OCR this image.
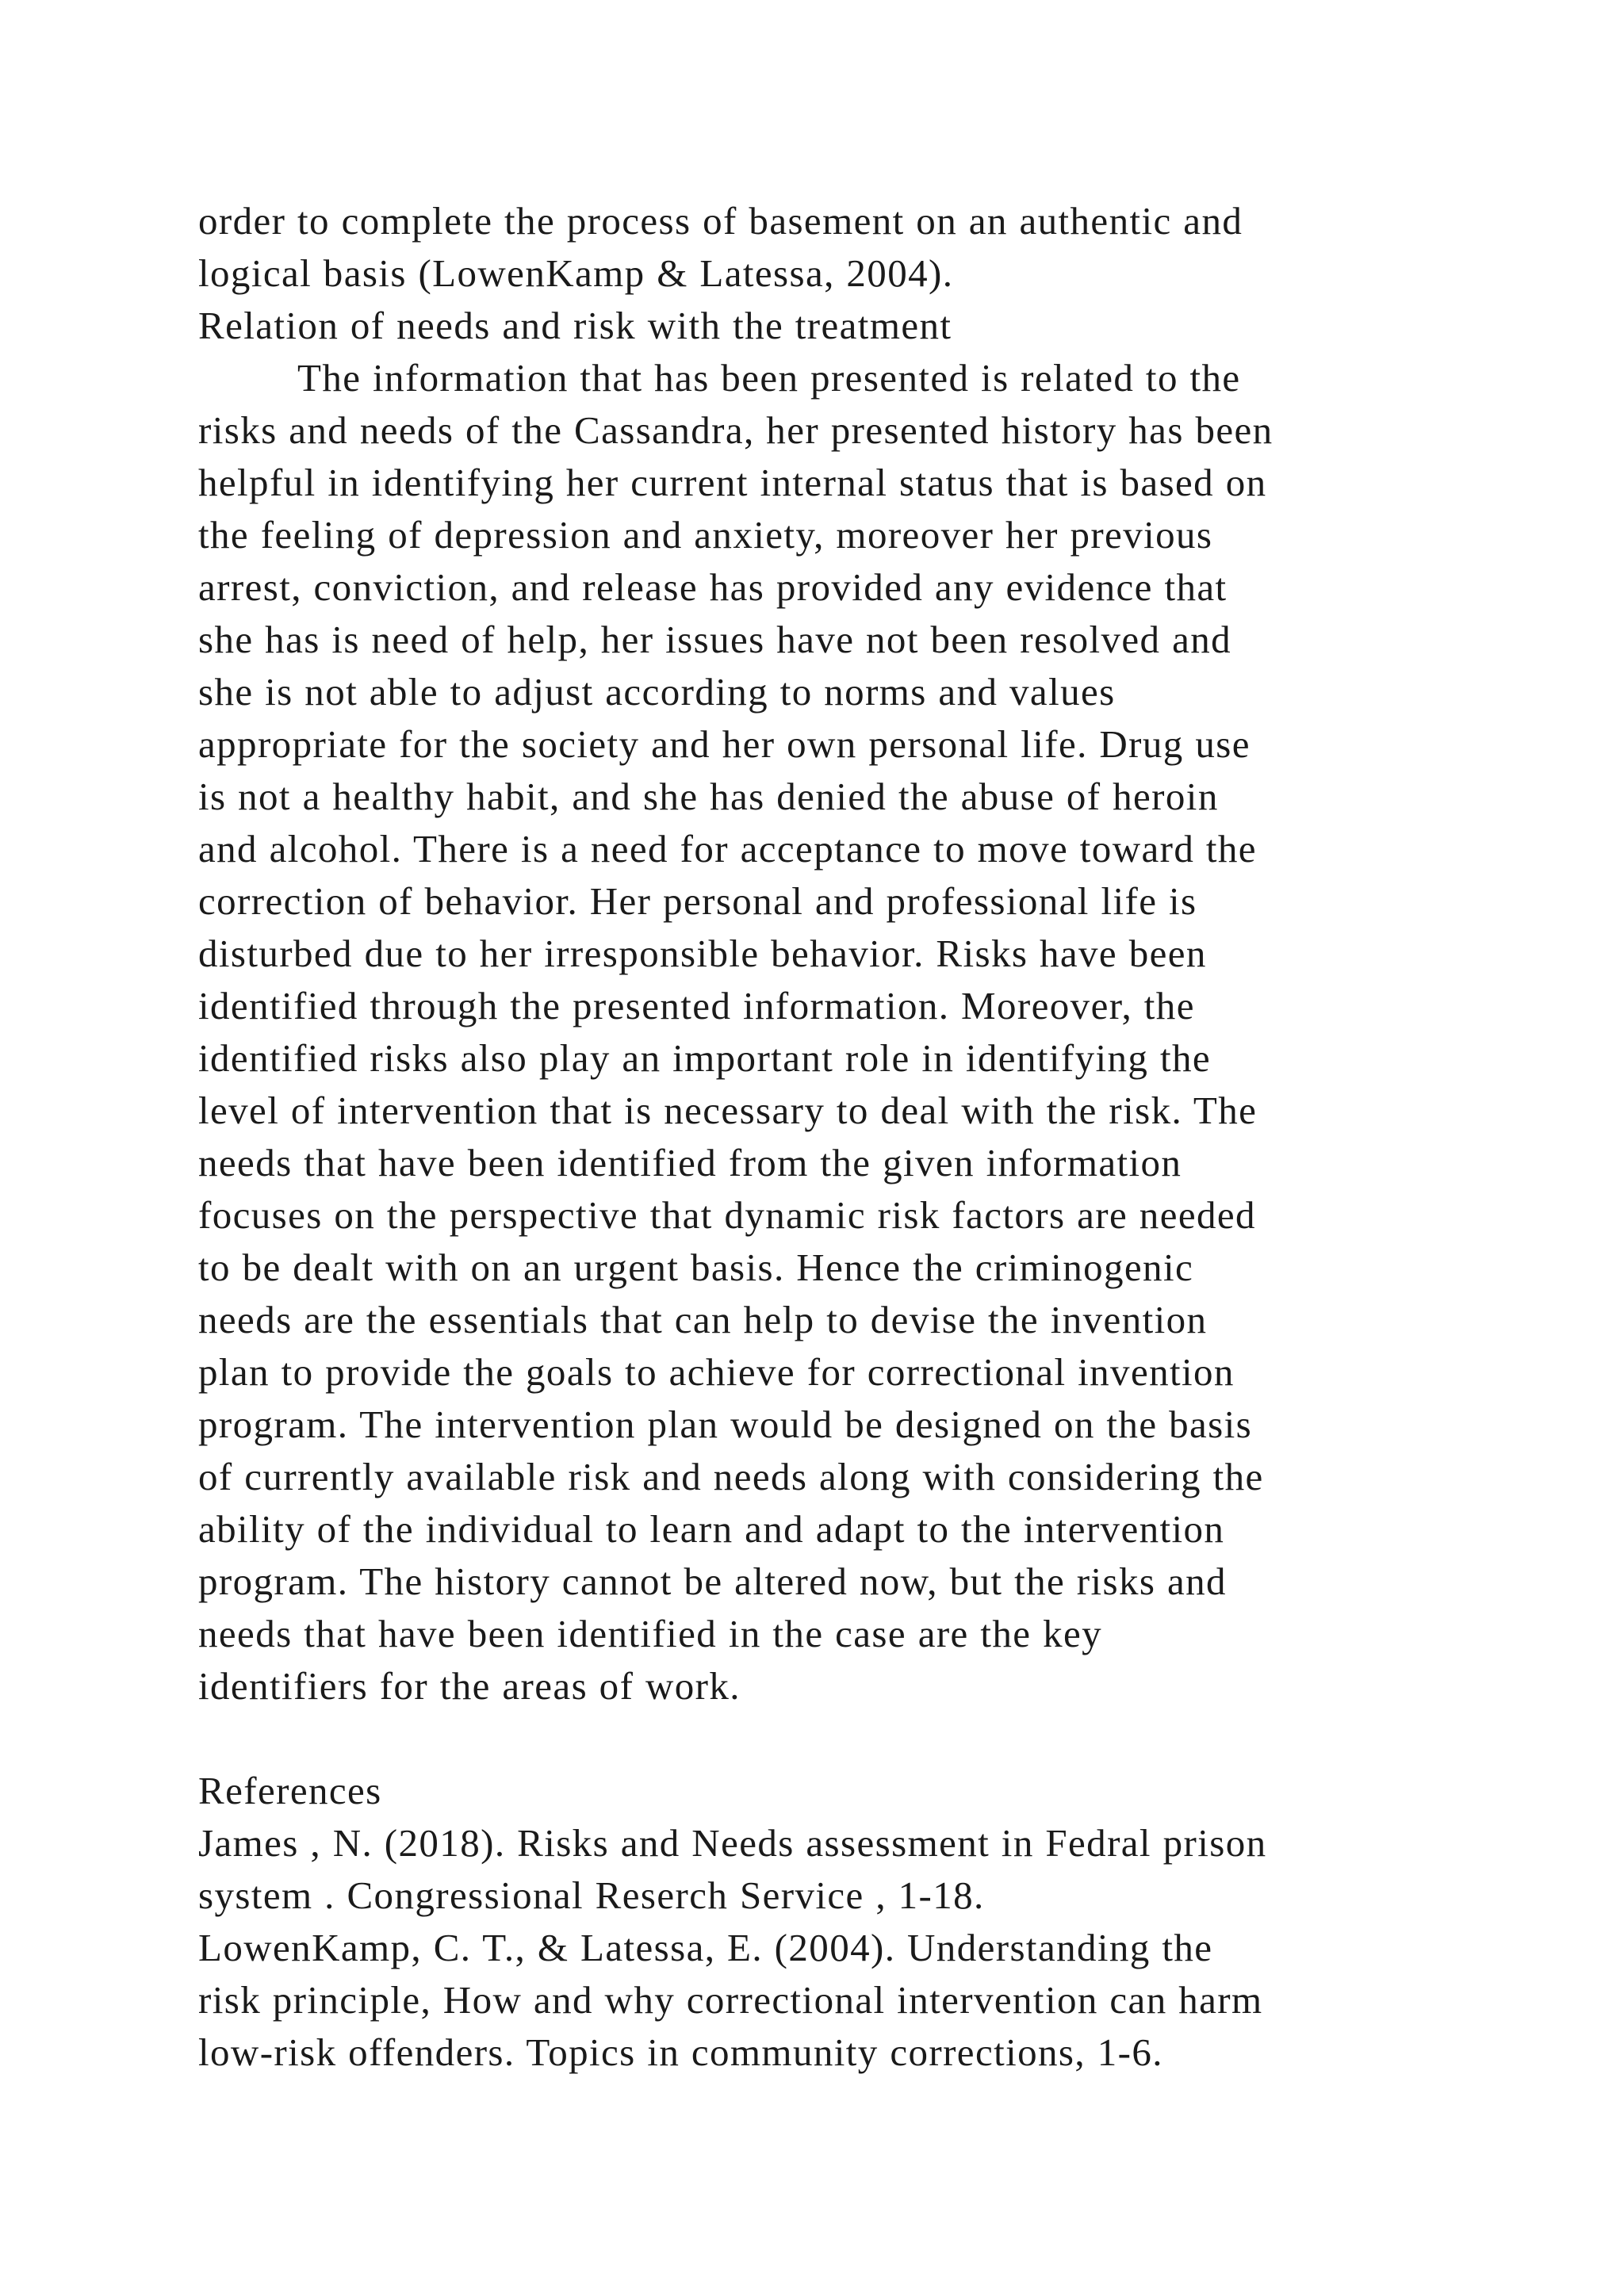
order to complete the process of basement on an authentic and
logical basis (LowenKamp & Latessa, 2004).
Relation of needs and risk with the treatment
The information that has been presented is related to the
risks and needs of the Cassandra, her presented history has been
helpful in identifying her current internal status that is based on
the feeling of depression and anxiety, moreover her previous
arrest, conviction, and release has provided any evidence that
she has is need of help, her issues have not been resolved and
she is not able to adjust according to norms and values
appropriate for the society and her own personal life. Drug use
is not a healthy habit, and she has denied the abuse of heroin
and alcohol. There is a need for acceptance to move toward the
correction of behavior. Her personal and professional life is
disturbed due to her irresponsible behavior. Risks have been
identified through the presented information. Moreover, the
identified risks also play an important role in identifying the
level of intervention that is necessary to deal with the risk. The
needs that have been identified from the given information
focuses on the perspective that dynamic risk factors are needed
to be dealt with on an urgent basis. Hence the criminogenic
needs are the essentials that can help to devise the invention
plan to provide the goals to achieve for correctional invention
program. The intervention plan would be designed on the basis
of currently available risk and needs along with considering the
ability of the individual to learn and adapt to the intervention
program. The history cannot be altered now, but the risks and
needs that have been identified in the case are the key
identifiers for the areas of work.
References
James , N. (2018). Risks and Needs assessment in Fedral prison
system . Congressional Reserch Service , 1-18.
LowenKamp, C. T., & Latessa, E. (2004). Understanding the
risk principle, How and why correctional intervention can harm
low-risk offenders. Topics in community corrections, 1-6.
